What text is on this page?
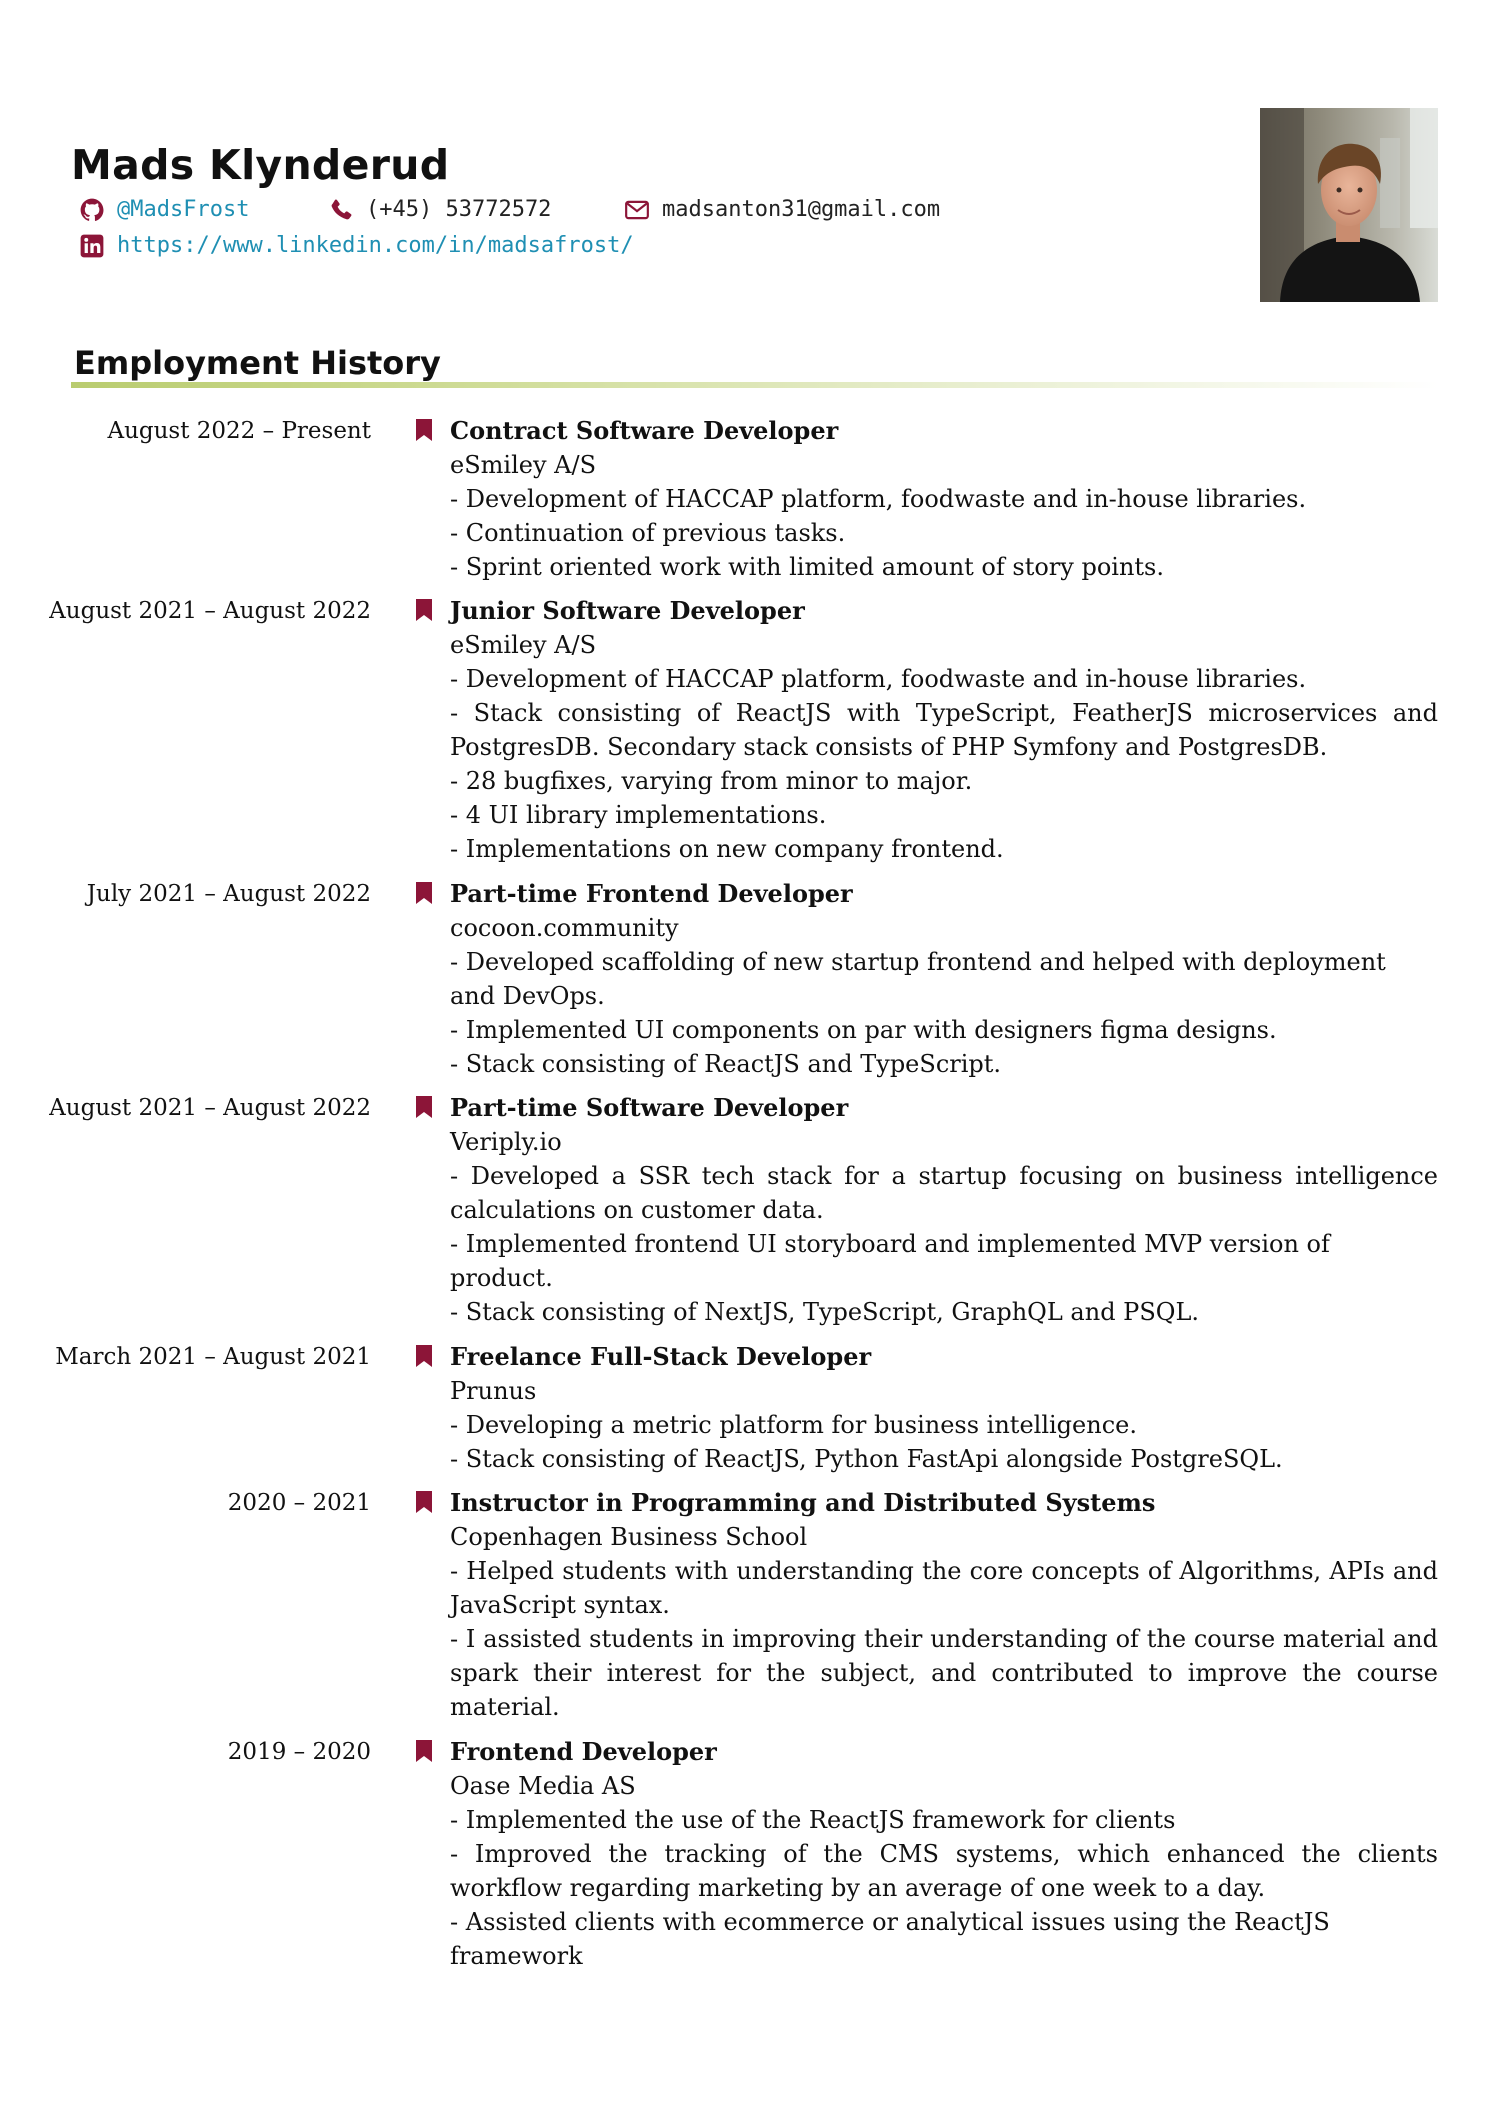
Mads Klynderud
@MadsFrost	(+45) 53772572	madsanton31@gmail.com
https://www.linkedin.com/in/madsafrost/
Employment History
August 2022 – Present	Contract Software Developer
eSmiley A/S
- Development of HACCAP platform, foodwaste and in-house libraries.
- Continuation of previous tasks.
- Sprint oriented work with limited amount of story points.
August 2021 – August 2022	Junior Software Developer
eSmiley A/S
- Development of HACCAP platform, foodwaste and in-house libraries.
- Stack consisting of ReactJS with TypeScript, FeatherJS microservices and PostgresDB. Secondary stack consists of PHP Symfony and PostgresDB.
- 28 bugfixes, varying from minor to major.
- 4 UI library implementations.
- Implementations on new company frontend.
July 2021 – August 2022	Part-time Frontend Developer
cocoon.community
- Developed scaffolding of new startup frontend and helped with deployment and DevOps.
- Implemented UI components on par with designers figma designs.
- Stack consisting of ReactJS and TypeScript.
August 2021 – August 2022	Part-time Software Developer
Veriply.io
- Developed a SSR tech stack for a startup focusing on business intelligence calculations on customer data.
- Implemented frontend UI storyboard and implemented MVP version of product.
- Stack consisting of NextJS, TypeScript, GraphQL and PSQL.
March 2021 – August 2021	Freelance Full-Stack Developer
Prunus
- Developing a metric platform for business intelligence.
- Stack consisting of ReactJS, Python FastApi alongside PostgreSQL.
2020 – 2021	Instructor in Programming and Distributed Systems
Copenhagen Business School
- Helped students with understanding the core concepts of Algorithms, APIs and JavaScript syntax.
- I assisted students in improving their understanding of the course material and spark their interest for the subject, and contributed to improve the course material.
2019 – 2020	Frontend Developer
Oase Media AS
- Implemented the use of the ReactJS framework for clients
- Improved the tracking of the CMS systems, which enhanced the clients workflow regarding marketing by an average of one week to a day.
- Assisted clients with ecommerce or analytical issues using the ReactJS framework
